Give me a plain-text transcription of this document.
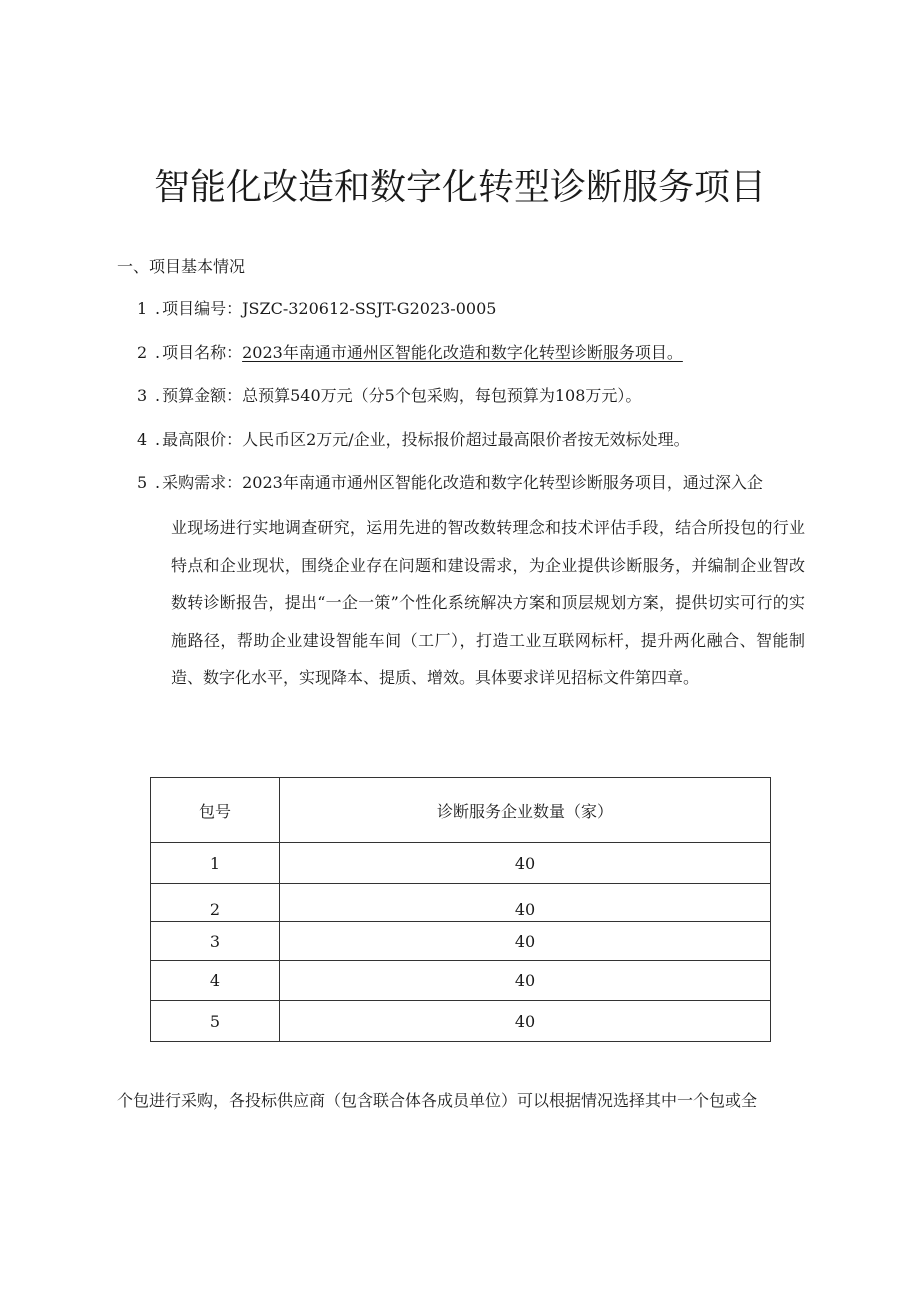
智能化改造和数字化转型诊断服务项目
一、项目基本情况
1 . 项目编号：JSZC-320612-SSJT-G2023-0005
2 . 项目名称：2023年南通市通州区智能化改造和数字化转型诊断服务项目。
3 . 预算金额：总预算540万元（分5个包采购，每包预算为108万元）。
4 . 最高限价：人民币区2万元/企业，投标报价超过最高限价者按无效标处理。
5 . 采购需求：2023年南通市通州区智能化改造和数字化转型诊断服务项目，通过深入企
业现场进行实地调查研究，运用先进的智改数转理念和技术评估手段，结合所投包的行业特点和企业现状，围绕企业存在问题和建设需求，为企业提供诊断服务，并编制企业智改数转诊断报告，提出“一企一策”个性化系统解决方案和顶层规划方案，提供切实可行的实施路径，帮助企业建设智能车间（工厂），打造工业互联网标杆，提升两化融合、智能制造、数字化水平，实现降本、提质、增效。具体要求详见招标文件第四章。
包号	诊断服务企业数量（家）
1	40
2	40
3	40
4	40
5	40
个包进行采购，各投标供应商（包含联合体各成员单位）可以根据情况选择其中一个包或全
